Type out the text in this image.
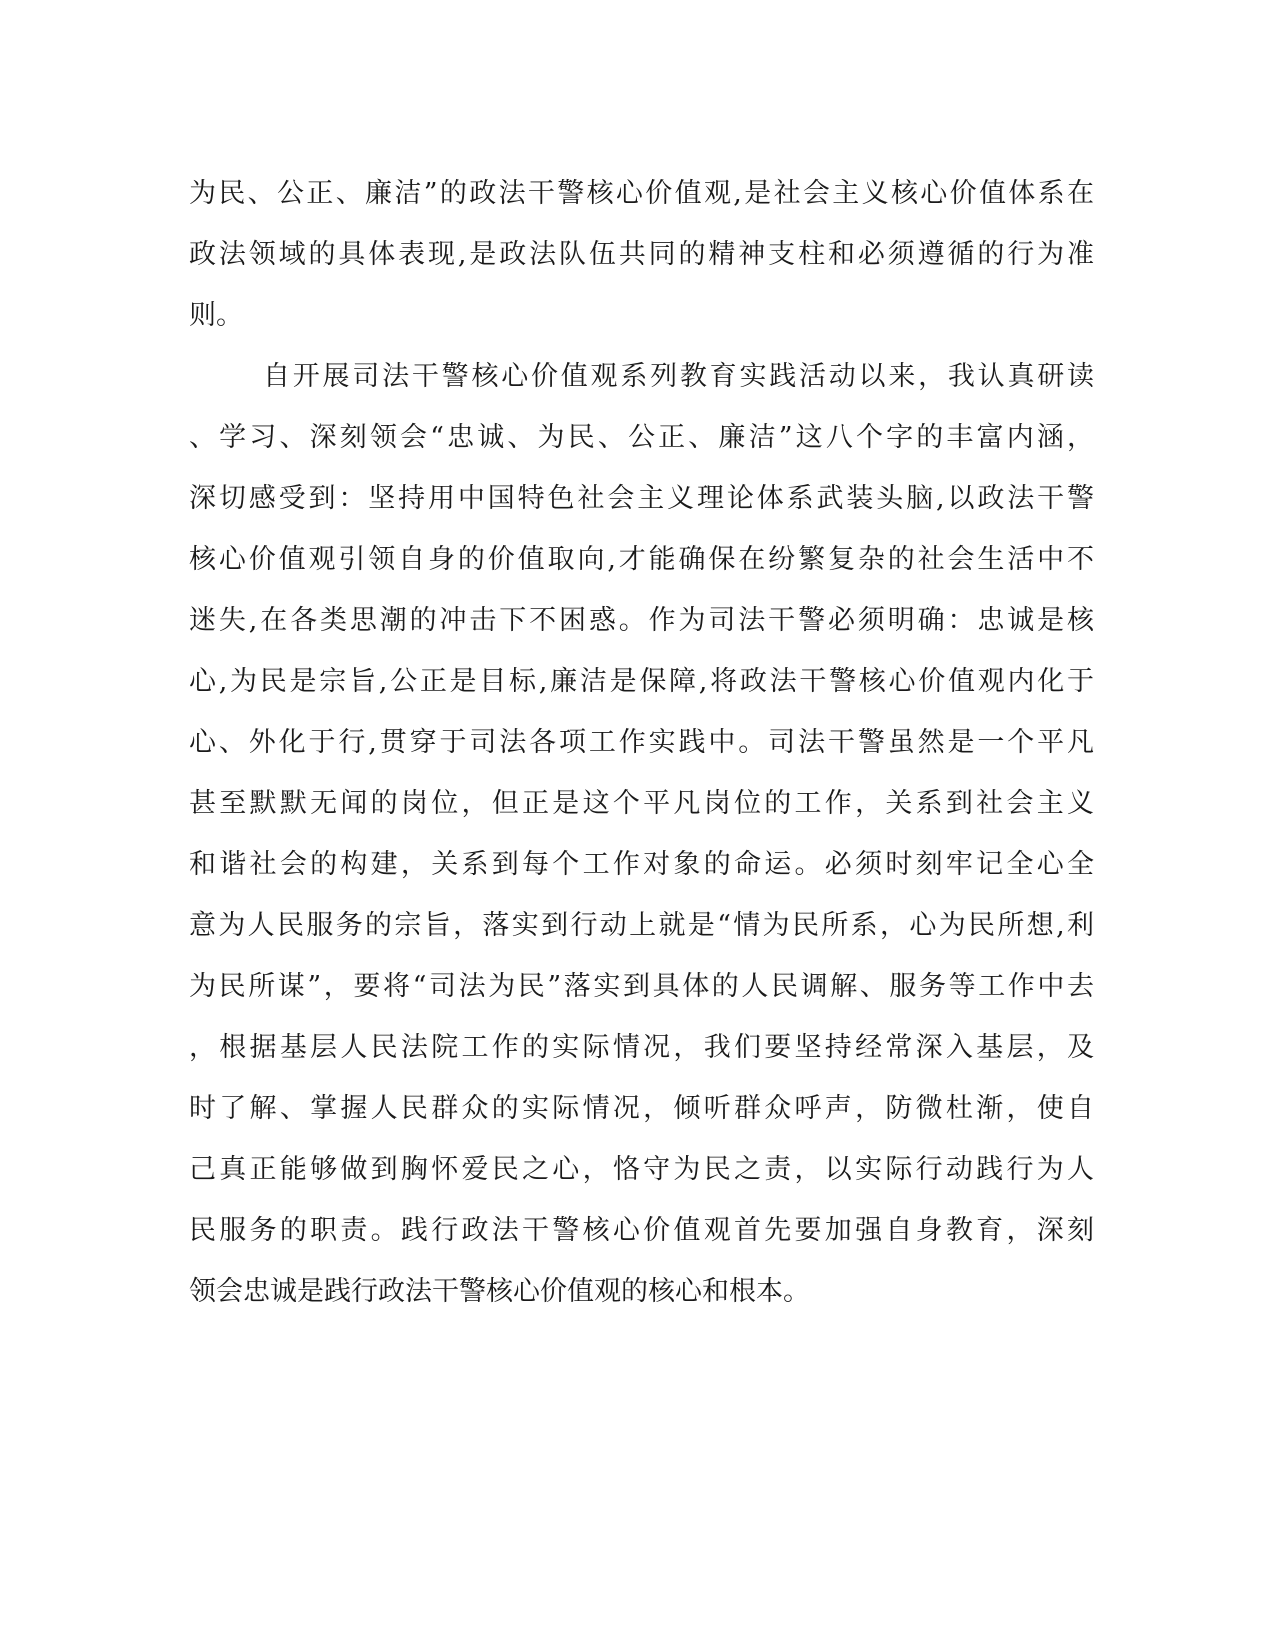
为民、公正、廉洁”的政法干警核心价值观,是社会主义核心价值体系在
政法领域的具体表现,是政法队伍共同的精神支柱和必须遵循的行为准
则。
自开展司法干警核心价值观系列教育实践活动以来，我认真研读
、学习、深刻领会“忠诚、为民、公正、廉洁”这八个字的丰富内涵，
深切感受到：坚持用中国特色社会主义理论体系武装头脑,以政法干警
核心价值观引领自身的价值取向,才能确保在纷繁复杂的社会生活中不
迷失,在各类思潮的冲击下不困惑。作为司法干警必须明确：忠诚是核
心,为民是宗旨,公正是目标,廉洁是保障,将政法干警核心价值观内化于
心、外化于行,贯穿于司法各项工作实践中。司法干警虽然是一个平凡
甚至默默无闻的岗位，但正是这个平凡岗位的工作，关系到社会主义
和谐社会的构建，关系到每个工作对象的命运。必须时刻牢记全心全
意为人民服务的宗旨，落实到行动上就是“情为民所系，心为民所想,利
为民所谋”，要将“司法为民”落实到具体的人民调解、服务等工作中去
，根据基层人民法院工作的实际情况，我们要坚持经常深入基层，及
时了解、掌握人民群众的实际情况，倾听群众呼声，防微杜渐，使自
己真正能够做到胸怀爱民之心，恪守为民之责，以实际行动践行为人
民服务的职责。践行政法干警核心价值观首先要加强自身教育，深刻
领会忠诚是践行政法干警核心价值观的核心和根本。
